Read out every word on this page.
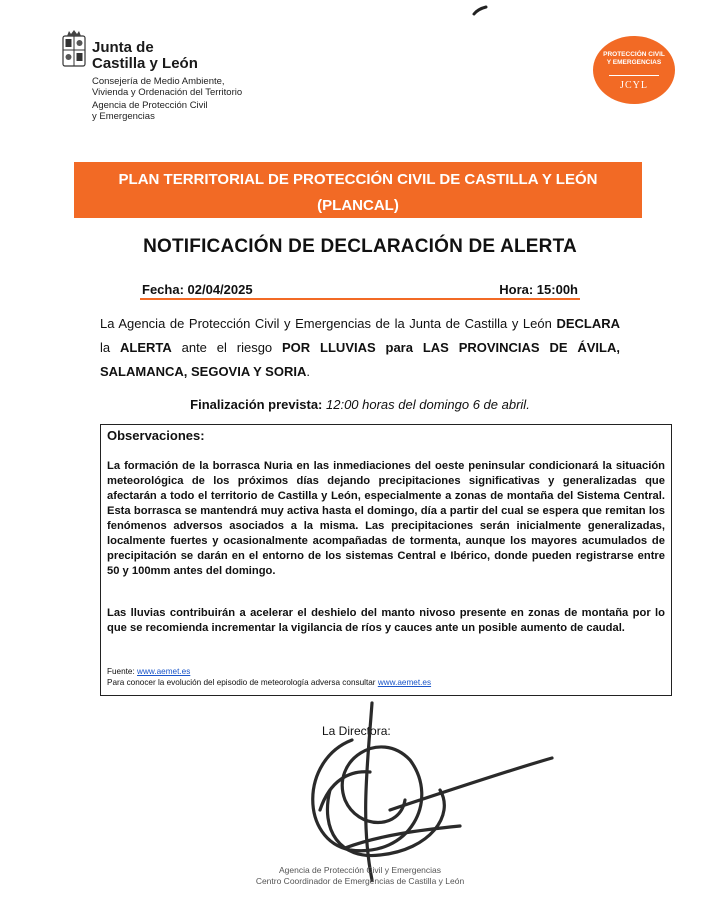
Junta de
Castilla y León
Consejería de Medio Ambiente,
Vivienda y Ordenación del Territorio
Agencia de Protección Civil
y Emergencias
PROTECCIÓN CIVIL
Y EMERGENCIAS
JCYL
PLAN TERRITORIAL DE PROTECCIÓN CIVIL DE CASTILLA Y LEÓN
(PLANCAL)
NOTIFICACIÓN DE DECLARACIÓN DE ALERTA
Fecha: 02/04/2025	Hora: 15:00h
La Agencia de Protección Civil y Emergencias de la Junta de Castilla y León DECLARA la ALERTA ante el riesgo POR LLUVIAS para LAS PROVINCIAS DE ÁVILA, SALAMANCA, SEGOVIA Y SORIA.
Finalización prevista: 12:00 horas del domingo 6 de abril.
Observaciones:
La formación de la borrasca Nuria en las inmediaciones del oeste peninsular condicionará la situación meteorológica de los próximos días dejando precipitaciones significativas y generalizadas que afectarán a todo el territorio de Castilla y León, especialmente a zonas de montaña del Sistema Central. Esta borrasca se mantendrá muy activa hasta el domingo, día a partir del cual se espera que remitan los fenómenos adversos asociados a la misma. Las precipitaciones serán inicialmente generalizadas, localmente fuertes y ocasionalmente acompañadas de tormenta, aunque los mayores acumulados de precipitación se darán en el entorno de los sistemas Central e Ibérico, donde pueden registrarse entre 50 y 100mm antes del domingo.
Las lluvias contribuirán a acelerar el deshielo del manto nivoso presente en zonas de montaña por lo que se recomienda incrementar la vigilancia de ríos y cauces ante un posible aumento de caudal.
Fuente: www.aemet.es
Para conocer la evolución del episodio de meteorología adversa consultar www.aemet.es
La Directora:
Agencia de Protección Civil y Emergencias
Centro Coordinador de Emergencias de Castilla y León
